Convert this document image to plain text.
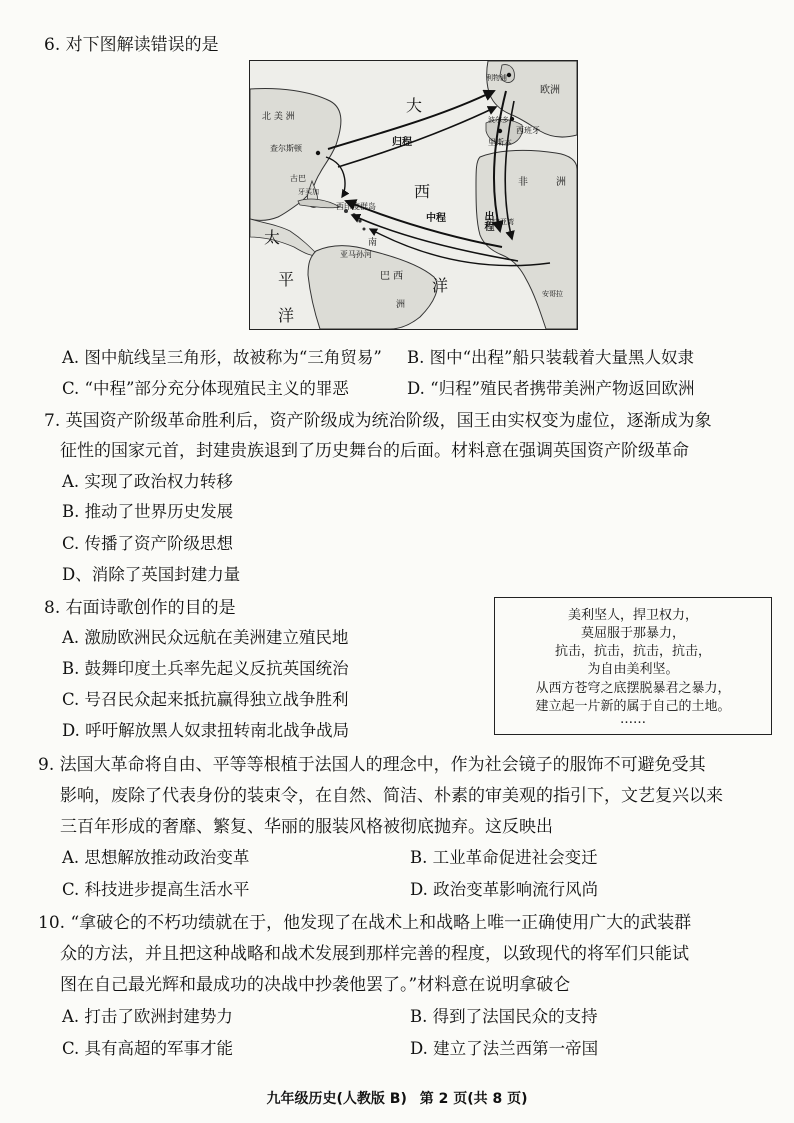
6. 对下图解读错误的是
北 美 洲
查尔斯顿
古巴
牙买加
西印度群岛
南
亚马孙河
巴 西
洲
太
平
洋
大
西
洋
归程
中程	出程
利物浦
欧洲
波尔多
西班牙
里斯本
非	洲
几内亚湾
安哥拉
A. 图中航线呈三角形，故被称为“三角贸易” B. 图中“出程”船只装载着大量黑人奴隶
C. “中程”部分充分体现殖民主义的罪恶	D. “归程”殖民者携带美洲产物返回欧洲
7. 英国资产阶级革命胜利后，资产阶级成为统治阶级，国王由实权变为虚位，逐渐成为象
征性的国家元首，封建贵族退到了历史舞台的后面。材料意在强调英国资产阶级革命
A. 实现了政治权力转移
B. 推动了世界历史发展
C. 传播了资产阶级思想
D、消除了英国封建力量
8. 右面诗歌创作的目的是
A. 激励欧洲民众远航在美洲建立殖民地
B. 鼓舞印度土兵率先起义反抗英国统治
C. 号召民众起来抵抗赢得独立战争胜利
D. 呼吁解放黑人奴隶扭转南北战争战局
美利坚人，捍卫权力，
莫屈服于那暴力，
抗击，抗击，抗击，抗击，
为自由美利坚。
从西方苍穹之底摆脱暴君之暴力，
建立起一片新的属于自己的土地。
……
9. 法国大革命将自由、平等等根植于法国人的理念中，作为社会镜子的服饰不可避免受其
影响，废除了代表身份的装束令，在自然、简洁、朴素的审美观的指引下，文艺复兴以来
三百年形成的奢靡、繁复、华丽的服装风格被彻底抛弃。这反映出
A. 思想解放推动政治变革	B. 工业革命促进社会变迁
C. 科技进步提高生活水平	D. 政治变革影响流行风尚
10. “拿破仑的不朽功绩就在于，他发现了在战术上和战略上唯一正确使用广大的武装群
众的方法，并且把这种战略和战术发展到那样完善的程度，以致现代的将军们只能试
图在自己最光辉和最成功的决战中抄袭他罢了。”材料意在说明拿破仑
A. 打击了欧洲封建势力	B. 得到了法国民众的支持
C. 具有高超的军事才能	D. 建立了法兰西第一帝国
九年级历史(人教版 B) 第 2 页(共 8 页)
